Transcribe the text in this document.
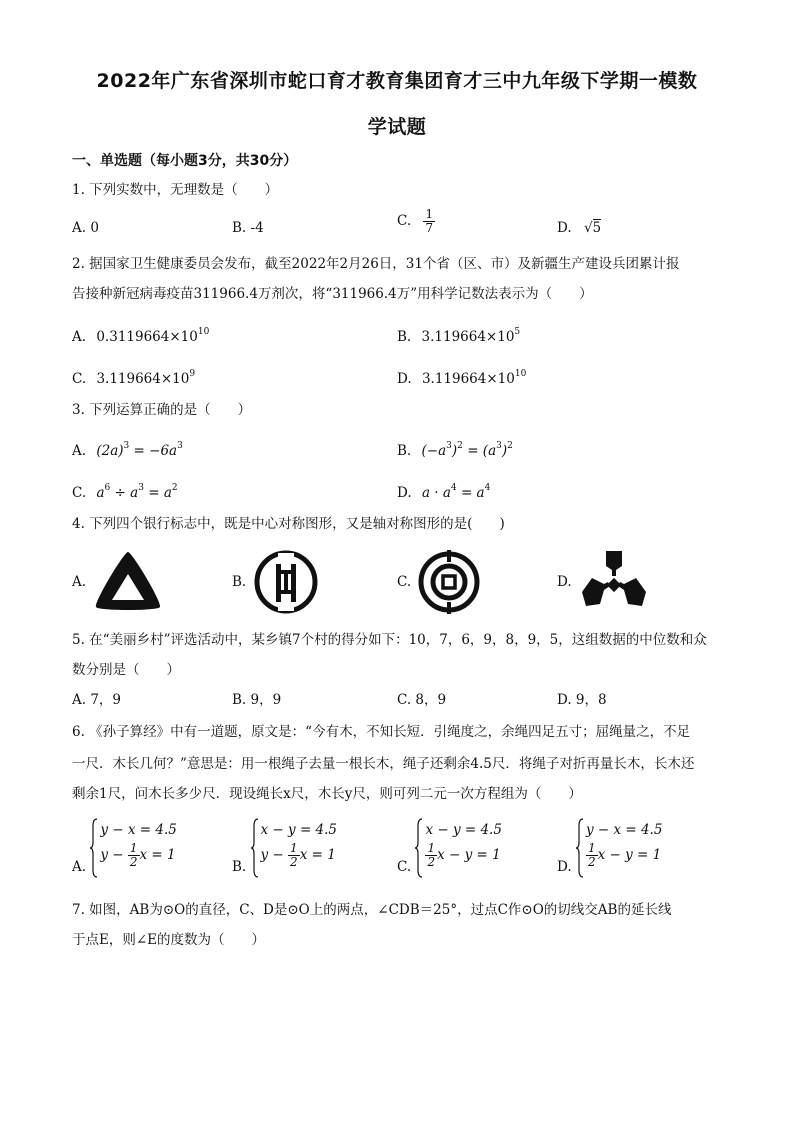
2022年广东省深圳市蛇口育才教育集团育才三中九年级下学期一模数
学试题
一、单选题（每小题3分，共30分）
1. 下列实数中，无理数是（　　）
A. 0	B. -4	C. $\frac{1}{7}$	D. √5
2. 据国家卫生健康委员会发布，截至2022年2月26日，31个省（区、市）及新疆生产建设兵团累计报
告接种新冠病毒疫苗311966.4万剂次，将“311966.4万”用科学记数法表示为（　　）
A. $0.3119664\times 10^{10}$	B. $3.119664\times 10^5$
C. $3.119664\times 10^9$	D. $3.119664\times 10^{10}$
3. 下列运算正确的是（　　）
A. $(2a)^3 = -6a^3$	B. $(-a^3)^2 = (a^3)^2$
C. $a^6 \div a^3 = a^2$	D. $a \cdot a^4 = a^4$
4. 下列四个银行标志中，既是中心对称图形，又是轴对称图形的是(　　)
A.	B.	C.	D.
5. 在“美丽乡村”评选活动中，某乡镇7个村的得分如下：10，7，6，9，8，9，5，这组数据的中位数和众
数分别是（　　）
A. 7，9	B. 9，9	C. 8，9	D. 9，8
6. 《孙子算经》中有一道题，原文是：“今有木，不知长短．引绳度之，余绳四足五寸；屈绳量之，不足
一尺．木长几何？”意思是：用一根绳子去量一根长木，绳子还剩余4.5尺．将绳子对折再量长木，长木还
剩余1尺，问木长多少尺．现设绳长x尺，木长y尺，则可列二元一次方程组为（　　）
A.
y − x = 4.5
$y - \frac{1}{2}$ x = 1
B.
x − y = 4.5
$y - \frac{1}{2}$ x = 1
C.
x − y = 4.5
$\frac{1}{2}$ x − y = 1
D.
y − x = 4.5
$\frac{1}{2}$ x − y = 1
7. 如图，AB为⊙O的直径，C、D是⊙O上的两点，∠CDB＝25°，过点C作⊙O的切线交AB的延长线
于点E，则∠E的度数为（　　）
